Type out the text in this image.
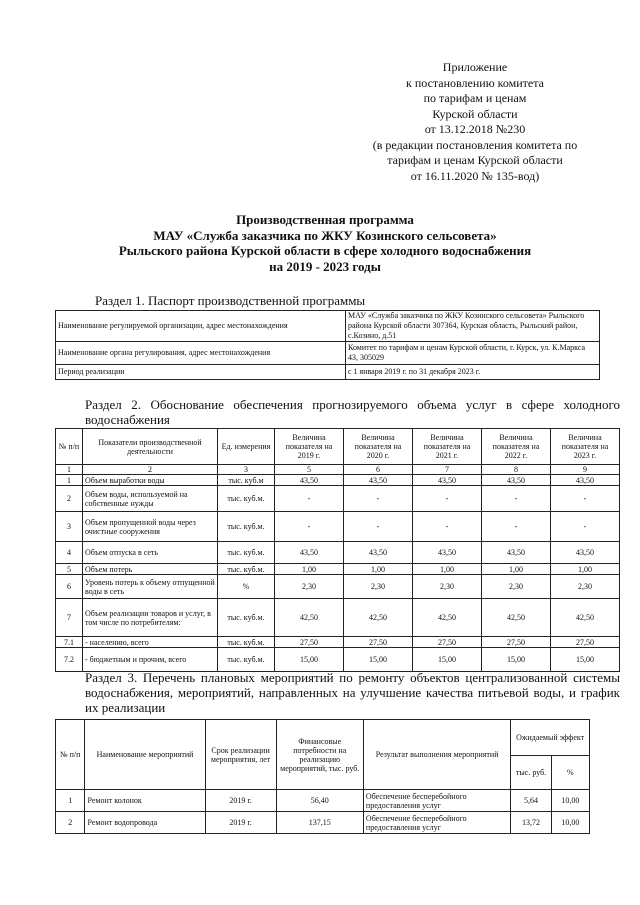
Приложение
к постановлению комитета
по тарифам и ценам
Курской области
от 13.12.2018 №230
(в редакции постановления комитета по
тарифам и ценам Курской области
от 16.11.2020 № 135-вод)
Производственная программа
МАУ «Служба заказчика по ЖКУ Козинского сельсовета»
Рыльского района Курской области в сфере холодного водоснабжения
на 2019 - 2023 годы
Раздел 1. Паспорт производственной программы
Наименование регулируемой организации, адрес местонахождения	МАУ «Служба заказчика по ЖКУ Козинского сельсовета» Рыльского района Курской области 307364, Курская область, Рыльский район, с.Козино, д.51
Наименование органа регулирования, адрес местонахождения	Комитет по тарифам и ценам Курской области, г. Курск, ул. К.Маркса 43, 305029
Период реализации	с 1 января 2019 г. по 31 декабря 2023 г.
Раздел 2. Обоснование обеспечения прогнозируемого объема услуг в сфере холодного водоснабжения
№ п/п	Показатели производственной деятельности	Ед. измерения	Величина показателя на 2019 г.	Величина показателя на 2020 г.	Величина показателя на 2021 г.	Величина показателя на 2022 г.	Величина показателя на 2023 г.
1	2	3	5	6	7	8	9
1	Объем выработки воды	тыс. куб.м	43,50	43,50	43,50	43,50	43,50
2	Объем воды, используемой на собственные нужды	тыс. куб.м.	-	-	-	-	-
3	Объем пропущенной воды через очистные сооружения	тыс. куб.м.	-	-	-	-	-
4	Объем отпуска в сеть	тыс. куб.м.	43,50	43,50	43,50	43,50	43,50
5	Объем потерь	тыс. куб.м.	1,00	1,00	1,00	1,00	1,00
6	Уровень потерь к объему отпущенной воды в сеть	%	2,30	2,30	2,30	2,30	2,30
7	Объем реализации товаров и услуг, в том числе по потребителям:	тыс. куб.м.	42,50	42,50	42,50	42,50	42,50
7.1	- населению, всего	тыс. куб.м.	27,50	27,50	27,50	27,50	27,50
7.2	- бюджетным и прочим, всего	тыс. куб.м.	15,00	15,00	15,00	15,00	15,00
Раздел 3. Перечень плановых мероприятий по ремонту объектов централизованной системы водоснабжения, мероприятий, направленных на улучшение качества питьевой воды, и график их реализации
№ п/п	Наименование мероприятий	Срок реализации мероприятия, лет	Финансовые потребности на реализацию мероприятий, тыс. руб.	Результат выполнения мероприятий	Ожидаемый эффект	
					тыс. руб.	%
1	Ремонт колонок	2019 г.	56,40	Обеспечение бесперебойного предоставления услуг	5,64	10,00
2	Ремонт водопровода	2019 г.	137,15	Обеспечение бесперебойного предоставления услуг	13,72	10,00
